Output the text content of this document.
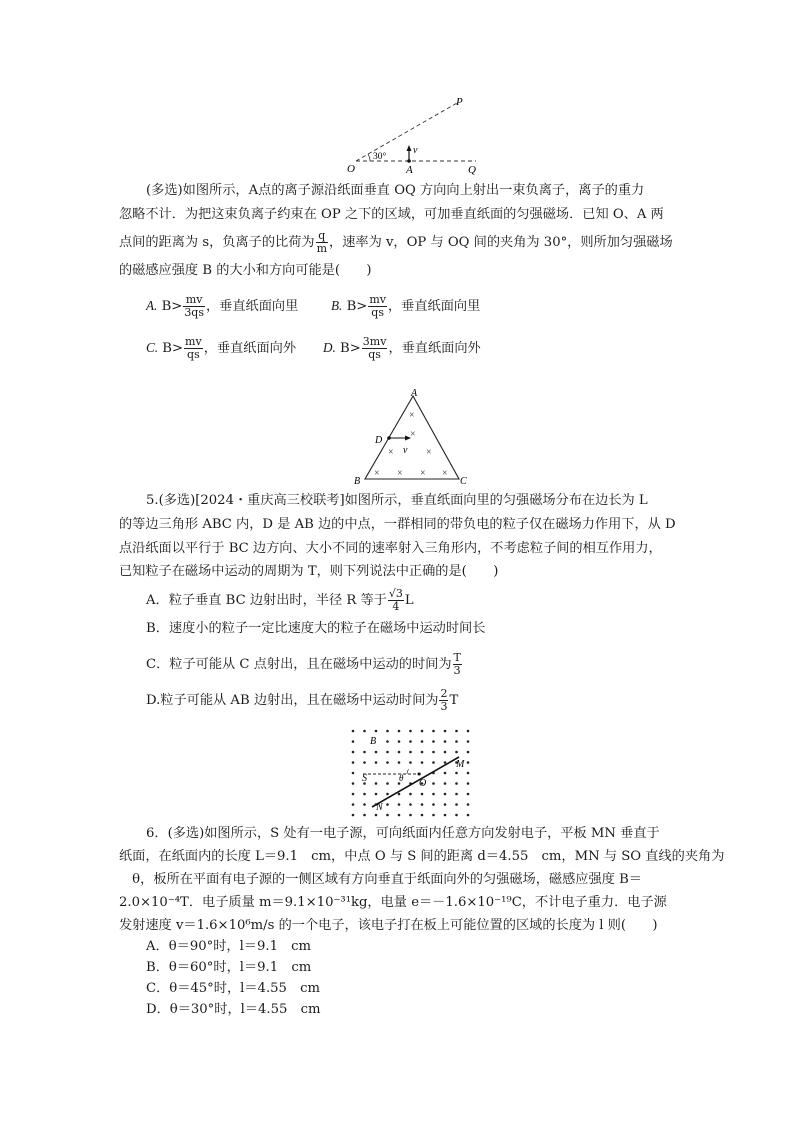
P
O
30°
v
A	Q
(多选)如图所示，A点的离子源沿纸面垂直 OQ 方向向上射出一束负离子，离子的重力
忽略不计．为把这束负离子约束在 OP 之下的区域，可加垂直纸面的匀强磁场．已知 O、A 两
点间的距离为 s，负离子的比荷为 $\frac{q}{m}$ ，速率为 v，OP 与 OQ 间的夹角为 30°，则所加匀强磁场
的磁感应强度 B 的大小和方向可能是(　　)
A. $B> \frac{mv}{3qs}$ ，垂直纸面向里 B. $B> \frac{mv}{qs}$ ，垂直纸面向里
C. $B> \frac{mv}{qs}$ ，垂直纸面向外 D. $B> \frac{3mv}{qs}$ ，垂直纸面向外
×
×
×	×
× × × ×
v
A
D
B	C
5.(多选)[2024・重庆高三校联考]如图所示，垂直纸面向里的匀强磁场分布在边长为 L
的等边三角形 ABC 内，D 是 AB 边的中点，一群相同的带负电的粒子仅在磁场力作用下，从 D
点沿纸面以平行于 BC 边方向、大小不同的速率射入三角形内，不考虑粒子间的相互作用力，
已知粒子在磁场中运动的周期为 T，则下列说法中正确的是(　　)
A．粒子垂直 BC 边射出时，半径 R 等于 $\frac{√3}{4}$ L
B．速度小的粒子一定比速度大的粒子在磁场中运动时间长
C．粒子可能从 C 点射出，且在磁场中运动的时间为 $\frac{T}{3}$
D.粒子可能从 AB 边射出，且在磁场中运动时间为 $\frac{2}{3}$ T
B
S	θ O
M
N
6．(多选)如图所示，S 处有一电子源，可向纸面内任意方向发射电子，平板 MN 垂直于
纸面，在纸面内的长度 L＝9.1　cm，中点 O 与 S 间的距离 d＝4.55　cm，MN 与 SO 直线的夹角为
　θ，板所在平面有电子源的一侧区域有方向垂直于纸面向外的匀强磁场，磁感应强度 B＝
2.0×10⁻⁴T．电子质量 m＝9.1×10⁻³¹kg，电量 e＝－1.6×10⁻¹⁹C，不计电子重力．电子源
发射速度 v＝1.6×10⁶m/s 的一个电子，该电子打在板上可能位置的区域的长度为 l 则(　　)
A．θ＝90°时，l＝9.1　cm
B．θ＝60°时，l＝9.1　cm
C．θ＝45°时，l＝4.55　cm
D．θ＝30°时，l＝4.55　cm
